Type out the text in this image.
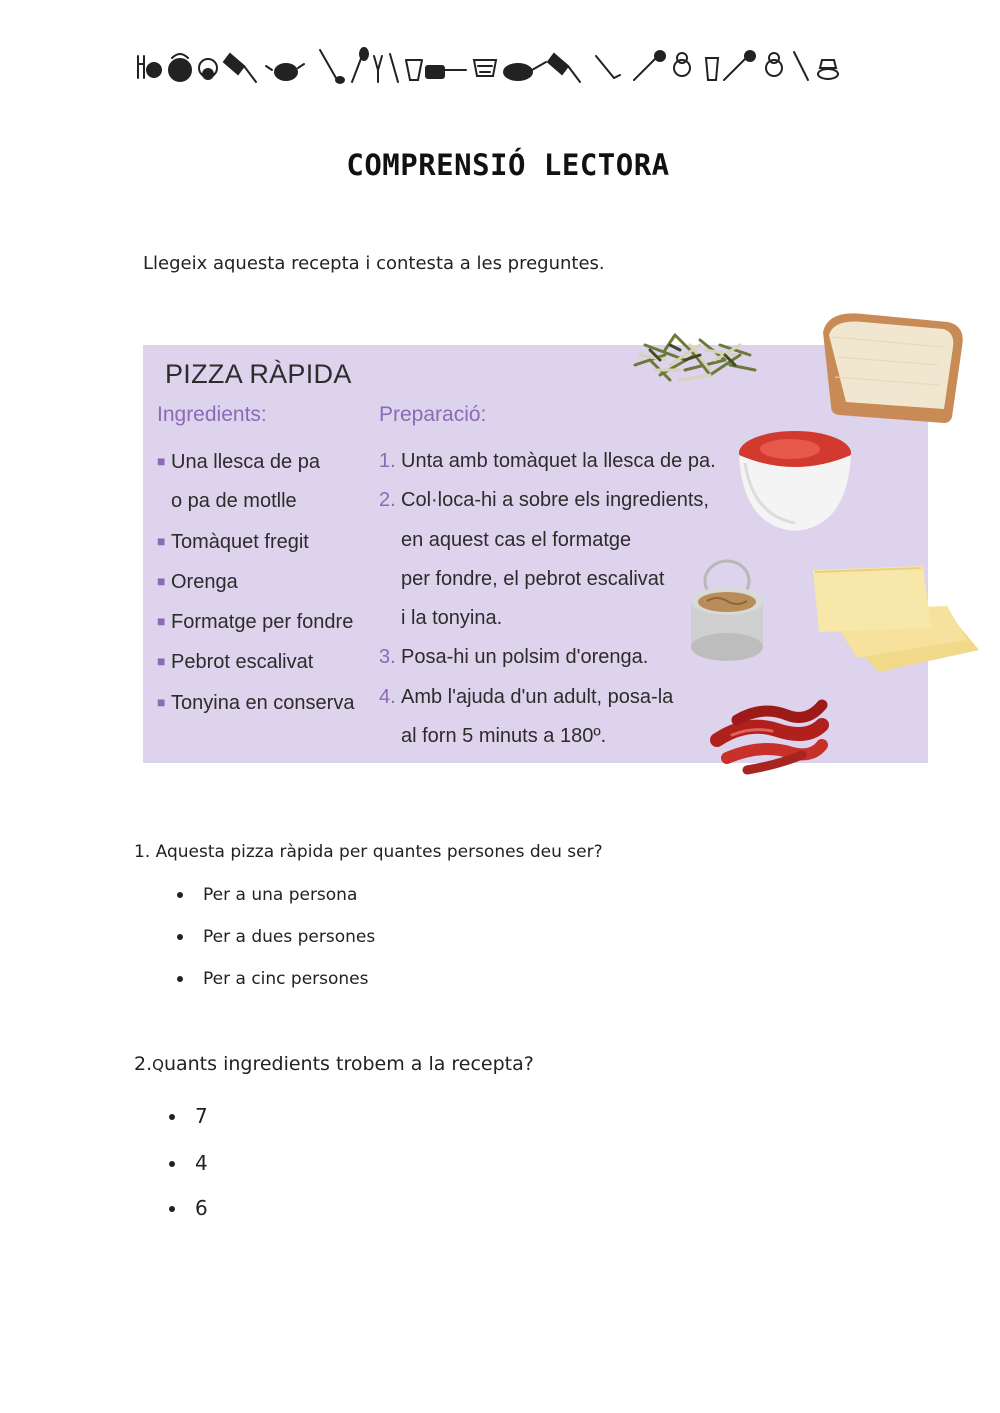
COMPRENSIÓ LECTORA
Llegeix aquesta recepta i contesta a les preguntes.
PIZZA RÀPIDA
Ingredients:	Preparació:
■ Una llesca de pa
o pa de motlle
■ Tomàquet fregit
■ Orenga
■ Formatge per fondre
■ Pebrot escalivat
■ Tonyina en conserva
1. Unta amb tomàquet la llesca de pa.
2. Col·loca-hi a sobre els ingredients,
en aquest cas el formatge
per fondre, el pebrot escalivat
i la tonyina.
3. Posa-hi un polsim d'orenga.
4. Amb l'ajuda d'un adult, posa-la
al forn 5 minuts a 180º.
1. Aquesta pizza ràpida per quantes persones deu ser?
Per a una persona
Per a dues persones
Per a cinc persones
2.Quants ingredients trobem a la recepta?
7
4
6
